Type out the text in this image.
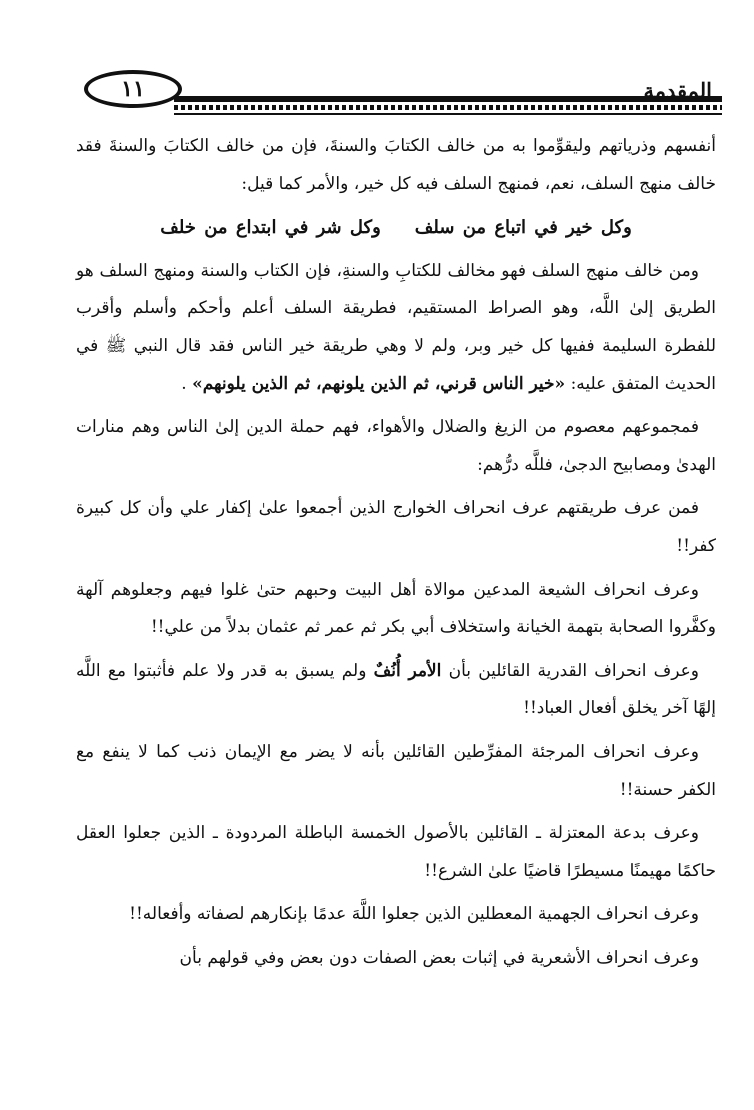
١١	المقدمة

أنفسهم وذرياتهم وليقوِّموا به من خالف الكتابَ والسنةَ، فإن من خالف الكتابَ والسنةَ فقد خالف منهج السلف، نعم، فمنهج السلف فيه كل خير، والأمر كما قيل:

وكل خير في اتباع من سلفوكل شر في ابتداع من خلف

 ومن خالف منهج السلف فهو مخالف للكتابِ والسنةِ، فإن الكتاب والسنة ومنهج السلف هو الطريق إلىٰ اللَّه، وهو الصراط المستقيم، فطريقة السلف أعلم وأحكم وأسلم وأقرب للفطرة السليمة ففيها كل خير وبر، ولم لا وهي طريقة خير الناس فقد قال النبي ﷺ في الحديث المتفق عليه: «خير الناس قرني، ثم الذين يلونهم، ثم الذين يلونهم» .

 فمجموعهم معصوم من الزيغ والضلال والأهواء، فهم حملة الدين إلىٰ الناس وهم منارات الهدىٰ ومصابيح الدجىٰ، فللَّه درُّهم:

 فمن عرف طريقتهم عرف انحراف الخوارج الذين أجمعوا علىٰ إكفار علي وأن كل كبيرة كفر!!

 وعرف انحراف الشيعة المدعين موالاة أهل البيت وحبهم حتىٰ غلوا فيهم وجعلوهم آلهة وكفَّروا الصحابة بتهمة الخيانة واستخلاف أبي بكر ثم عمر ثم عثمان بدلاً من علي!!

 وعرف انحراف القدرية القائلين بأن الأمر أُنُفٌ ولم يسبق به قدر ولا علم فأثبتوا مع اللَّه إلهًا آخر يخلق أفعال العباد!!

 وعرف انحراف المرجئة المفرِّطين القائلين بأنه لا يضر مع الإيمان ذنب كما لا ينفع مع الكفر حسنة!!

 وعرف بدعة المعتزلة ـ القائلين بالأصول الخمسة الباطلة المردودة ـ الذين جعلوا العقل حاكمًا مهيمنًا مسيطرًا قاضيًا علىٰ الشرع!!

 وعرف انحراف الجهمية المعطلين الذين جعلوا اللَّهَ عدمًا بإنكارهم لصفاته وأفعاله!!

 وعرف انحراف الأشعرية في إثبات بعض الصفات دون بعض وفي قولهم بأن
